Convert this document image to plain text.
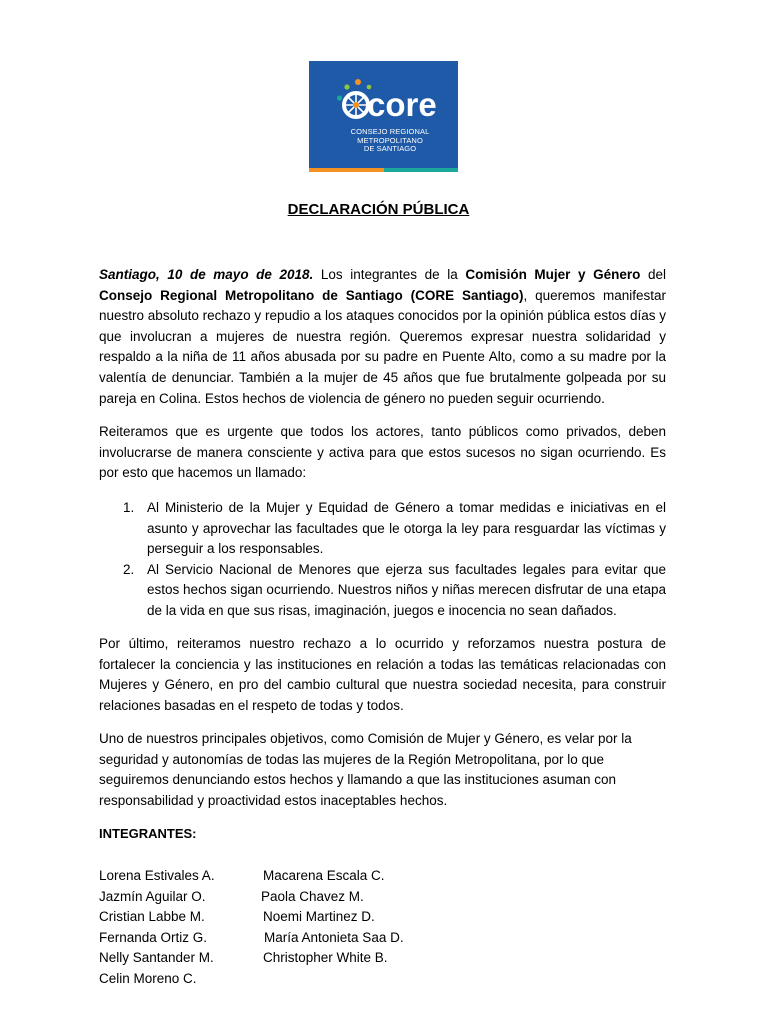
core
CONSEJO REGIONAL
METROPOLITANO
DE SANTIAGO
DECLARACIÓN PÚBLICA

Santiago, 10 de mayo de 2018. Los integrantes de la Comisión Mujer y Género del Consejo Regional Metropolitano de Santiago (CORE Santiago), queremos manifestar nuestro absoluto rechazo y repudio a los ataques conocidos por la opinión pública estos días y que involucran a mujeres de nuestra región. Queremos expresar nuestra solidaridad y respaldo a la niña de 11 años abusada por su padre en Puente Alto, como a su madre por la valentía de denunciar. También a la mujer de 45 años que fue brutalmente golpeada por su pareja en Colina. Estos hechos de violencia de género no pueden seguir ocurriendo.

Reiteramos que es urgente que todos los actores, tanto públicos como privados, deben involucrarse de manera consciente y activa para que estos sucesos no sigan ocurriendo. Es por esto que hacemos un llamado:

1. Al Ministerio de la Mujer y Equidad de Género a tomar medidas e iniciativas en el asunto y aprovechar las facultades que le otorga la ley para resguardar las víctimas y perseguir a los responsables.
2. Al Servicio Nacional de Menores que ejerza sus facultades legales para evitar que estos hechos sigan ocurriendo. Nuestros niños y niñas merecen disfrutar de una etapa de la vida en que sus risas, imaginación, juegos e inocencia no sean dañados.

Por último, reiteramos nuestro rechazo a lo ocurrido y reforzamos nuestra postura de fortalecer la conciencia y las instituciones en relación a todas las temáticas relacionadas con Mujeres y Género, en pro del cambio cultural que nuestra sociedad necesita, para construir relaciones basadas en el respeto de todas y todos.

Uno de nuestros principales objetivos, como Comisión de Mujer y Género, es velar por la seguridad y autonomías de todas las mujeres de la Región Metropolitana, por lo que seguiremos denunciando estos hechos y llamando a que las instituciones asuman con responsabilidad y proactividad estos inaceptables hechos.

INTEGRANTES:

Lorena Estivales A.	Macarena Escala C.
Jazmín Aguilar O.	Paola Chavez M.
Cristian Labbe M.	Noemi Martinez D.
Fernanda Ortiz G.	María Antonieta Saa D.
Nelly Santander M.	Christopher White B.
Celin Moreno C.
